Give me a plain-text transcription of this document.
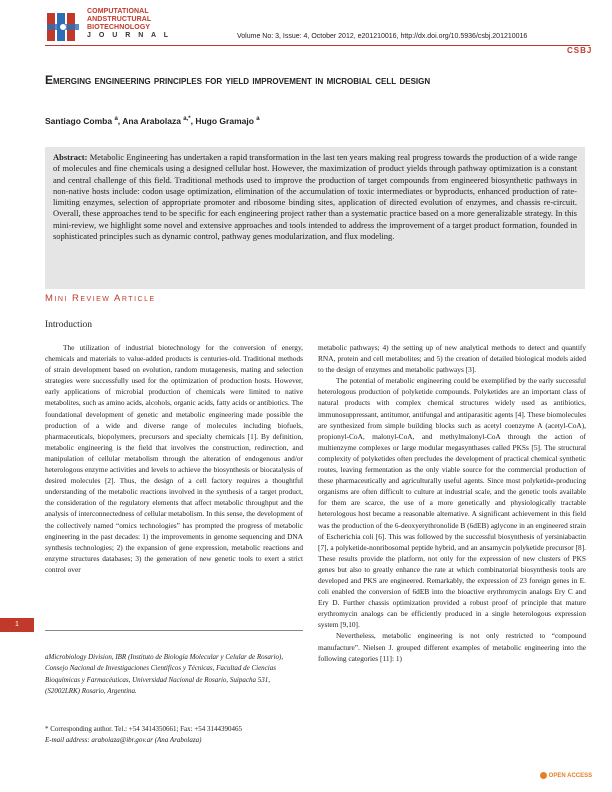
COMPUTATIONAL
ANDSTRUCTURAL
BIOTECHNOLOGY
J O U R N A L	Volume No: 3, Issue: 4, October 2012, e201210016, http://dx.doi.org/10.5936/csbj.201210016
CSBJ
Emerging engineering principles for yield improvement in microbial cell design
Santiago Comba $^a$, Ana Arabolaza $^{a,*}$, Hugo Gramajo $^a$
Abstract: Metabolic Engineering has undertaken a rapid transformation in the last ten years making real progress towards the production of a wide range of molecules and fine chemicals using a designed cellular host. However, the maximization of product yields through pathway optimization is a constant and central challenge of this field. Traditional methods used to improve the production of target compounds from engineered biosynthetic pathways in non-native hosts include: codon usage optimization, elimination of the accumulation of toxic intermediates or byproducts, enhanced production of rate-limiting enzymes, selection of appropriate promoter and ribosome binding sites, application of directed evolution of enzymes, and chassis re-circuit. Overall, these approaches tend to be specific for each engineering project rather than a systematic practice based on a more generalizable strategy. In this mini-review, we highlight some novel and extensive approaches and tools intended to address the improvement of a target product formation, founded in sophisticated principles such as dynamic control, pathway genes modularization, and flux modeling.
Mini Review Article
Introduction
The utilization of industrial biotechnology for the conversion of energy, chemicals and materials to value-added products is centuries-old. Traditional methods of strain development based on evolution, random mutagenesis, mating and selection strategies were successfully used for the optimization of production hosts. However, early applications of microbial production of chemicals were limited to native metabolites, such as amino acids, alcohols, organic acids, fatty acids or antibiotics. The foundational development of genetic and metabolic engineering made possible the production of a wide and diverse range of molecules including biofuels, pharmaceuticals, biopolymers, precursors and specialty chemicals [1]. By definition, metabolic engineering is the field that involves the construction, redirection, and manipulation of cellular metabolism through the alteration of endogenous and/or heterologous enzyme activities and levels to achieve the biosynthesis or biocatalysis of desired molecules [2]. Thus, the design of a cell factory requires a thoughtful understanding of the metabolic reactions involved in the synthesis of a target product, the consideration of the regulatory elements that affect metabolic throughput and the analysis of interconnectedness of cellular metabolism. In this sense, the development of the collectively named “omics technologies” has prompted the progress of metabolic engineering in the past decades: 1) the improvements in genome sequencing and DNA synthesis technologies; 2) the expansion of gene expression, metabolic reactions and enzyme structures databases; 3) the generation of new genetic tools to exert a strict control over

metabolic pathways; 4) the setting up of new analytical methods to detect and quantify RNA, protein and cell metabolites; and 5) the creation of detailed biological models aided to the design of enzymes and metabolic pathways [3].

The potential of metabolic engineering could be exemplified by the early successful heterologous production of polyketide compounds. Polyketides are an important class of natural products with complex chemical structures widely used as antibiotics, immunosuppressant, antitumor, antifungal and antiparasitic agents [4]. These biomolecules are synthesized from simple building blocks such as acetyl coenzyme A (acetyl-CoA), propionyl-CoA, malonyl-CoA, and methylmalonyl-CoA through the action of multienzyme complexes or large modular megasynthases called PKSs [5]. The structural complexity of polyketides often precludes the development of practical chemical synthetic routes, leaving fermentation as the only viable source for the commercial production of these pharmaceutically and agriculturally useful agents. Since most polyketide-producing organisms are often difficult to culture at industrial scale, and the genetic tools available for them are scarce, the use of a more genetically and physiologically tractable heterologous host became a reasonable alternative. A significant achievement in this field was the production of the 6-deoxyerythronolide B (6dEB) aglycone in an engineered strain of Escherichia coli [6]. This was followed by the successful biosynthesis of yersiniabactin [7], a polyketide-nonribosomal peptide hybrid, and an ansamycin polyketide precursor [8]. These results provide the platform, not only for the expression of new clusters of PKS genes but also to greatly enhance the rate at which combinatorial biosynthesis tools are developed and PKS are engineered. Remarkably, the expression of 23 foreign genes in E. coli enabled the conversion of 6dEB into the bioactive erythromycin analogs Ery C and Ery D. Further chassis optimization provided a robust proof of principle that mature erythromycin analogs can be efficiently produced in a single heterologous expression system [9,10].

Nevertheless, metabolic engineering is not only restricted to “compound manufacture”. Nielsen J. grouped different examples of metabolic engineering into the following categories [11]: 1)

aMicrobiology Division, IBR (Instituto de Biología Molecular y Celular de Rosario), Consejo Nacional de Investigaciones Científicos y Técnicas, Facultad de Ciencias Bioquímicas y Farmacéuticas, Universidad Nacional de Rosario, Suipacha 531, (S2002LRK) Rosario, Argentina.
* Corresponding author. Tel.: +54 3414350661; Fax: +54 3144390465
E-mail address: arabolaza@ibr.gov.ar (Ana Arabolaza)
1
OPEN ACCESS
